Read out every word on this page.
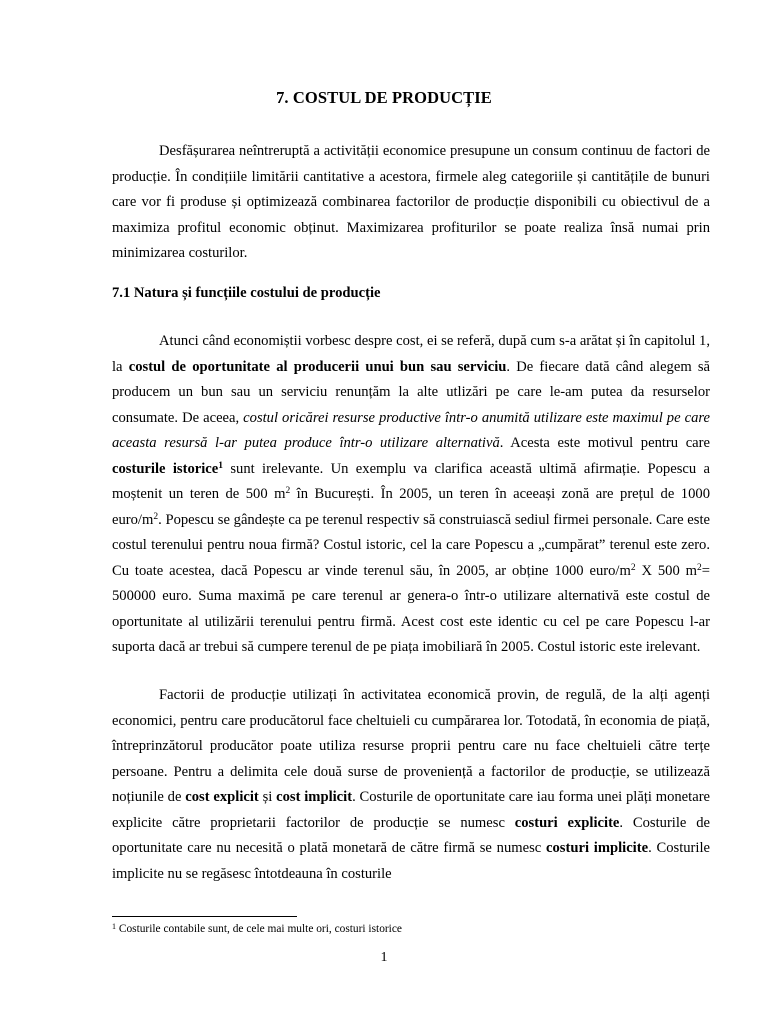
7. COSTUL DE PRODUCȚIE

Desfășurarea neîntreruptă a activității economice presupune un consum continuu de factori de producție. În condițiile limitării cantitative a acestora, firmele aleg categoriile și cantitățile de bunuri care vor fi produse și optimizează combinarea factorilor de producție disponibili cu obiectivul de a maximiza profitul economic obținut. Maximizarea profiturilor se poate realiza însă numai prin minimizarea costurilor.

7.1 Natura și funcțiile costului de producție

Atunci când economiștii vorbesc despre cost, ei se referă, după cum s-a arătat și în capitolul 1, la costul de oportunitate al producerii unui bun sau serviciu. De fiecare dată când alegem să producem un bun sau un serviciu renunțăm la alte utlizări pe care le-am putea da resurselor consumate. De aceea, costul oricărei resurse productive într-o anumită utilizare este maximul pe care aceasta resursă l-ar putea produce într-o utilizare alternativă. Acesta este motivul pentru care costurile istorice$^1$ sunt irelevante. Un exemplu va clarifica această ultimă afirmație. Popescu a moștenit un teren de 500 $m^2$ în București. În 2005, un teren în aceeași zonă are prețul de 1000 euro/$m^2$. Popescu se gândește ca pe terenul respectiv să construiască sediul firmei personale. Care este costul terenului pentru noua firmă? Costul istoric, cel la care Popescu a „cumpărat” terenul este zero. Cu toate acestea, dacă Popescu ar vinde terenul său, în 2005, ar obține 1000 euro/$m^2$ X 500 $m^2= 500000$ euro. Suma maximă pe care terenul ar genera-o într-o utilizare alternativă este costul de oportunitate al utilizării terenului pentru firmă. Acest cost este identic cu cel pe care Popescu l-ar suporta dacă ar trebui să cumpere terenul de pe piața imobiliară în 2005. Costul istoric este irelevant.

Factorii de producție utilizați în activitatea economică provin, de regulă, de la alți agenți economici, pentru care producătorul face cheltuieli cu cumpărarea lor. Totodată, în economia de piață, întreprinzătorul producător poate utiliza resurse proprii pentru care nu face cheltuieli către terțe persoane. Pentru a delimita cele două surse de proveniență a factorilor de producție, se utilizează noțiunile de cost explicit și cost implicit. Costurile de oportunitate care iau forma unei plăți monetare explicite către proprietarii factorilor de producție se numesc costuri explicite. Costurile de oportunitate care nu necesită o plată monetară de către firmă se numesc costuri implicite. Costurile implicite nu se regăsesc întotdeauna în costurile

$^1$ Costurile contabile sunt, de cele mai multe ori, costuri istorice
1
